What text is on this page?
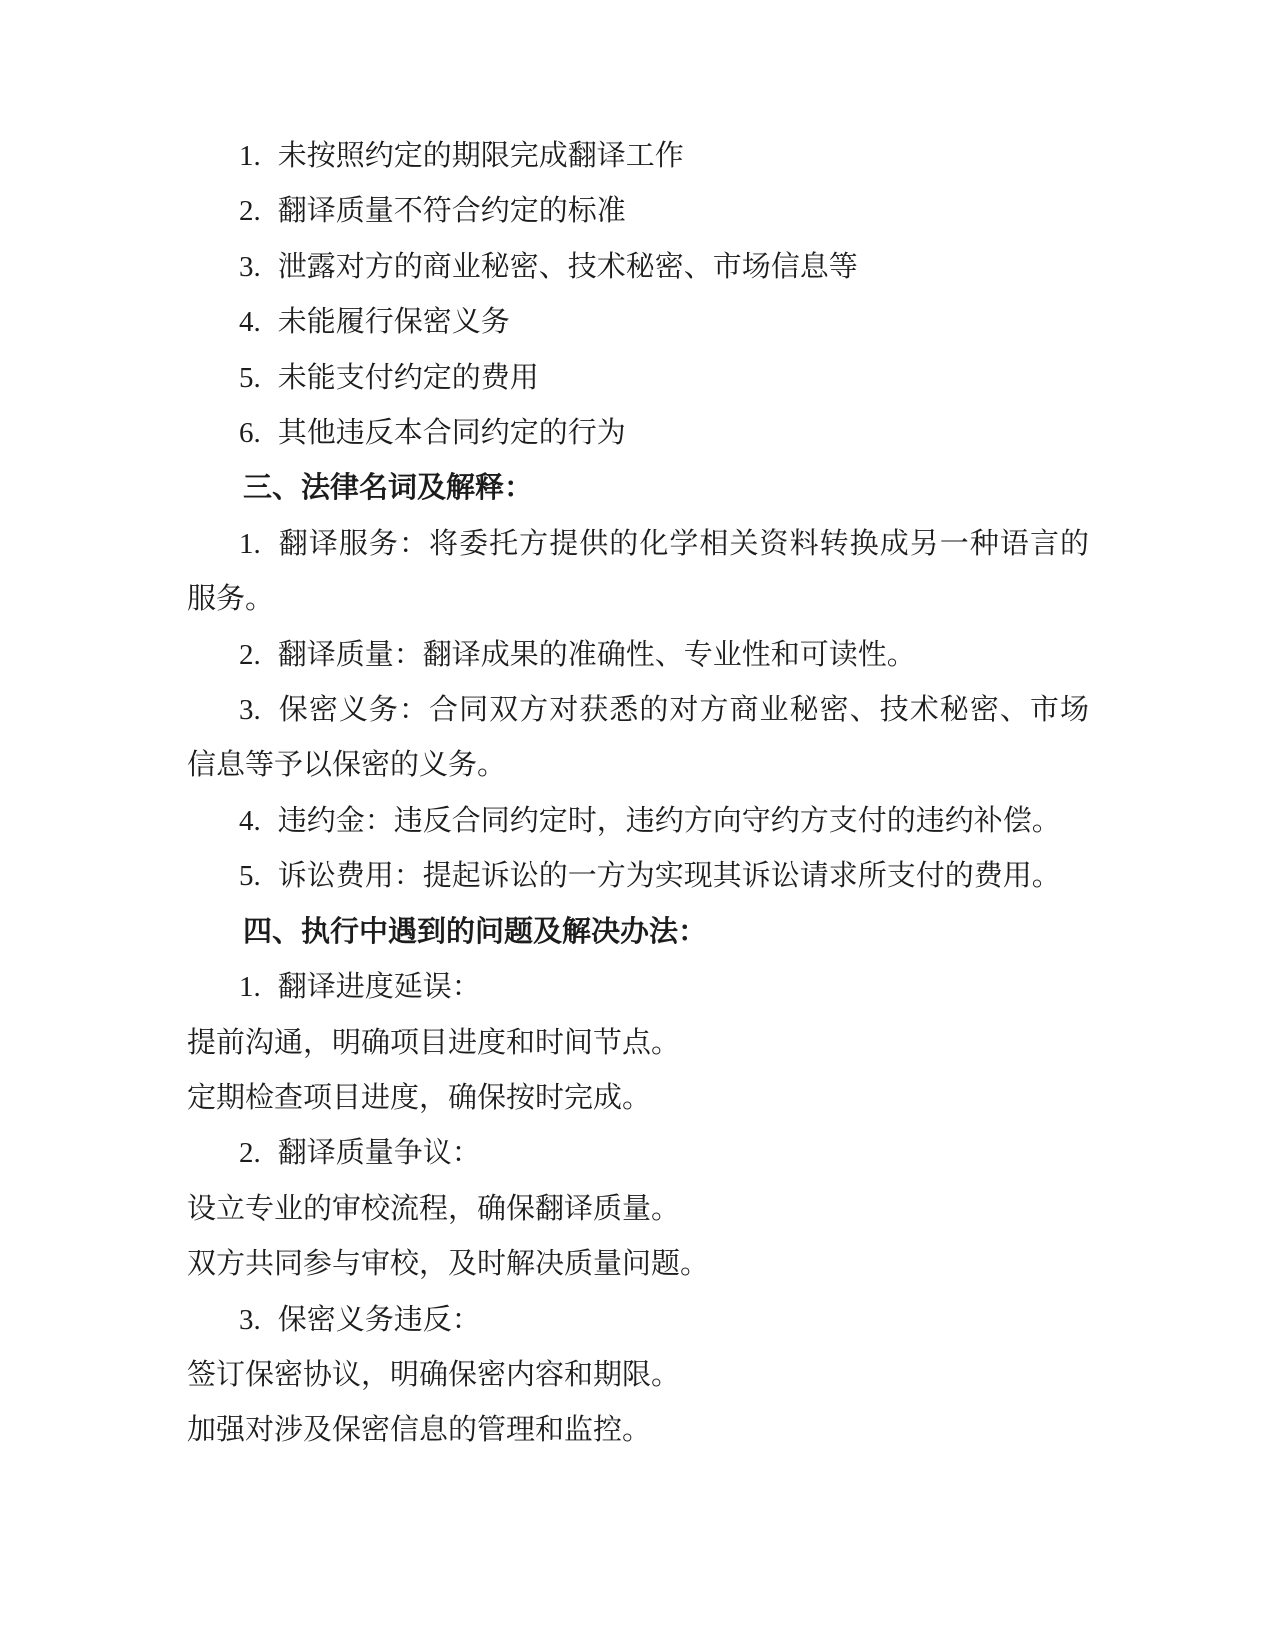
1. 未按照约定的期限完成翻译工作

2. 翻译质量不符合约定的标准

3. 泄露对方的商业秘密、技术秘密、市场信息等

4. 未能履行保密义务

5. 未能支付约定的费用

6. 其他违反本合同约定的行为

三、法律名词及解释：

1. 翻译服务：将委托方提供的化学相关资料转换成另一种语言的服务。

2. 翻译质量：翻译成果的准确性、专业性和可读性。

3. 保密义务：合同双方对获悉的对方商业秘密、技术秘密、市场信息等予以保密的义务。

4. 违约金：违反合同约定时，违约方向守约方支付的违约补偿。

5. 诉讼费用：提起诉讼的一方为实现其诉讼请求所支付的费用。

四、执行中遇到的问题及解决办法：

1. 翻译进度延误：

提前沟通，明确项目进度和时间节点。

定期检查项目进度，确保按时完成。

2. 翻译质量争议：

设立专业的审校流程，确保翻译质量。

双方共同参与审校，及时解决质量问题。

3. 保密义务违反：

签订保密协议，明确保密内容和期限。

加强对涉及保密信息的管理和监控。
